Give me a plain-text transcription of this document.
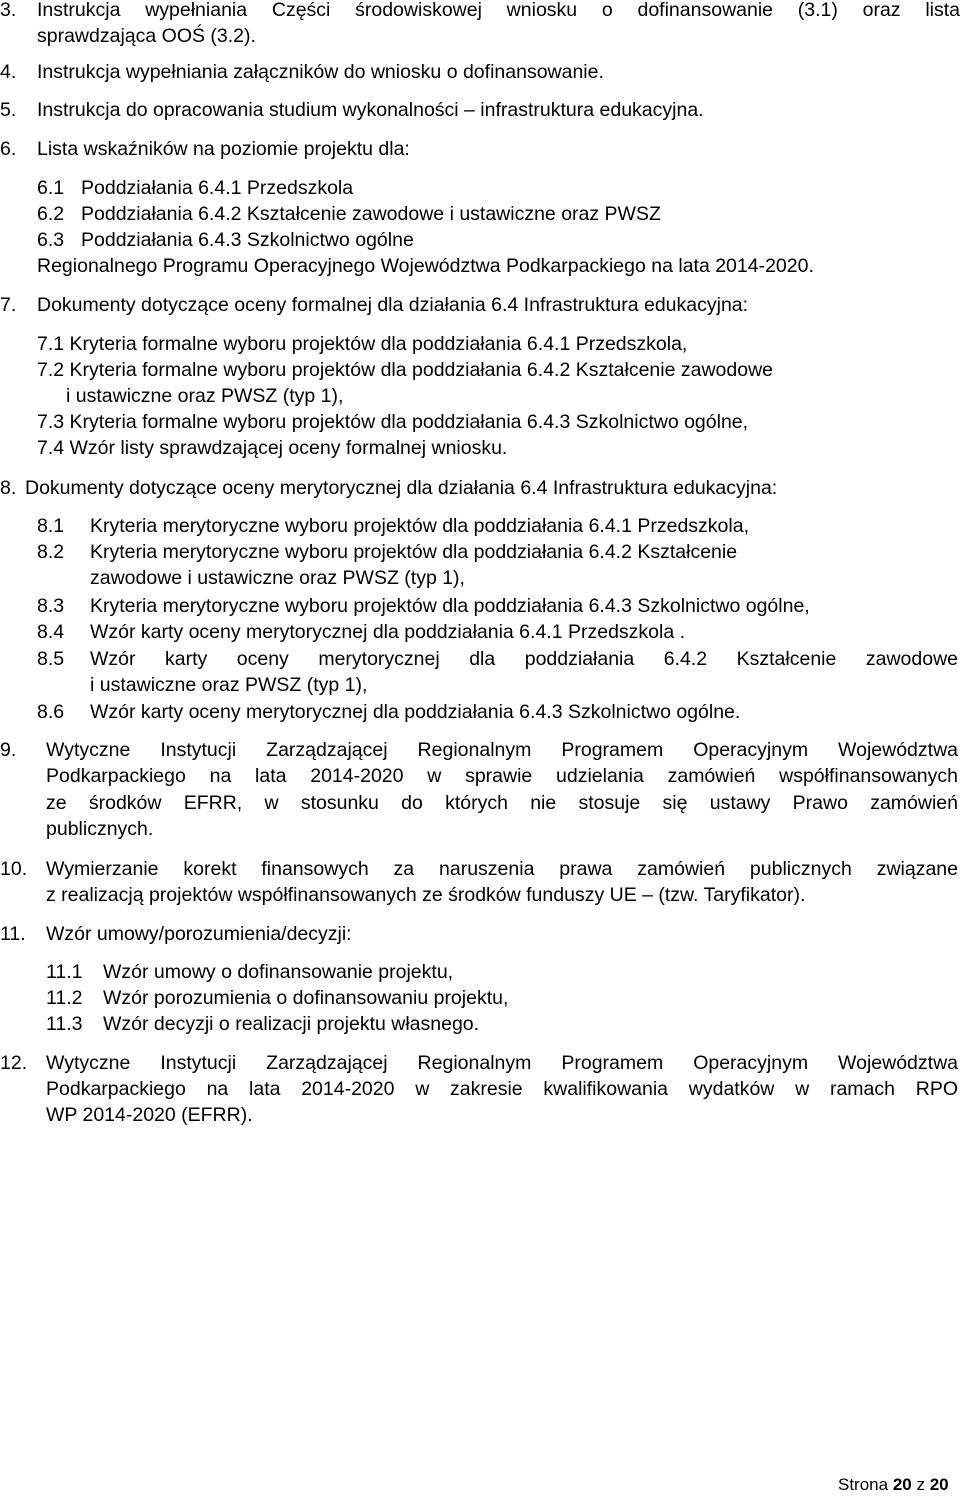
3. Instrukcja wypełniania Części środowiskowej wniosku o dofinansowanie (3.1) oraz lista
sprawdzająca OOŚ (3.2).
4. Instrukcja wypełniania załączników do wniosku o dofinansowanie.
5. Instrukcja do opracowania studium wykonalności – infrastruktura edukacyjna.
6. Lista wskaźników na poziomie projektu dla:
6.1 Poddziałania 6.4.1 Przedszkola
6.2 Poddziałania 6.4.2 Kształcenie zawodowe i ustawiczne oraz PWSZ
6.3 Poddziałania 6.4.3 Szkolnictwo ogólne
Regionalnego Programu Operacyjnego Województwa Podkarpackiego na lata 2014-2020.
7. Dokumenty dotyczące oceny formalnej dla działania 6.4 Infrastruktura edukacyjna:
7.1 Kryteria formalne wyboru projektów dla poddziałania 6.4.1 Przedszkola,
7.2 Kryteria formalne wyboru projektów dla poddziałania 6.4.2 Kształcenie zawodowe
i ustawiczne oraz PWSZ (typ 1),
7.3 Kryteria formalne wyboru projektów dla poddziałania 6.4.3 Szkolnictwo ogólne,
7.4 Wzór listy sprawdzającej oceny formalnej wniosku.
8. Dokumenty dotyczące oceny merytorycznej dla działania 6.4 Infrastruktura edukacyjna:
8.1 Kryteria merytoryczne wyboru projektów dla poddziałania 6.4.1 Przedszkola,
8.2 Kryteria merytoryczne wyboru projektów dla poddziałania 6.4.2 Kształcenie
zawodowe i ustawiczne oraz PWSZ (typ 1),
8.3 Kryteria merytoryczne wyboru projektów dla poddziałania 6.4.3 Szkolnictwo ogólne,
8.4 Wzór karty oceny merytorycznej dla poddziałania 6.4.1 Przedszkola .
8.5 Wzór karty oceny merytorycznej dla poddziałania 6.4.2 Kształcenie zawodowe
i ustawiczne oraz PWSZ (typ 1),
8.6 Wzór karty oceny merytorycznej dla poddziałania 6.4.3 Szkolnictwo ogólne.
9. Wytyczne Instytucji Zarządzającej Regionalnym Programem Operacyjnym Województwa
Podkarpackiego na lata 2014-2020 w sprawie udzielania zamówień współfinansowanych
ze środków EFRR, w stosunku do których nie stosuje się ustawy Prawo zamówień
publicznych.
10. Wymierzanie korekt finansowych za naruszenia prawa zamówień publicznych związane
z realizacją projektów współfinansowanych ze środków funduszy UE – (tzw. Taryfikator).
11. Wzór umowy/porozumienia/decyzji:
11.1 Wzór umowy o dofinansowanie projektu,
11.2 Wzór porozumienia o dofinansowaniu projektu,
11.3 Wzór decyzji o realizacji projektu własnego.
12. Wytyczne Instytucji Zarządzającej Regionalnym Programem Operacyjnym Województwa
Podkarpackiego na lata 2014-2020 w zakresie kwalifikowania wydatków w ramach RPO
WP 2014-2020 (EFRR).
Strona 20 z 20
